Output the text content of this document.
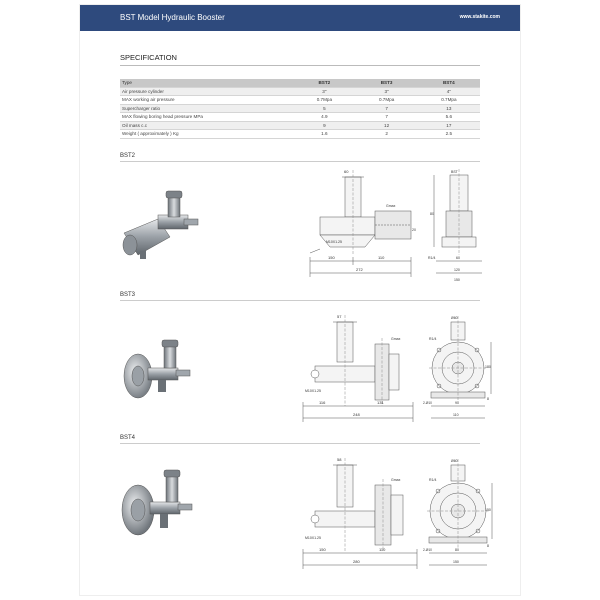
BST Model Hydraulic Booster	www.stakite.com
SPECIFICATION
Type	BST2	BST3	BST4
Air pressure cylinder	3"	3"	4"
MAX working air pressure	0.7Mpa	0.7Mpa	0.7Mpa
Supercharger ratio	5	7	13
MAX flowing boring head pressure MPa	4.9	7	5.6
Oil mass c.c	9	12	17
Weight ( approximately ) Kg	1.6	2	2.5
BST2
60
150	110
272
Gmax
M10X1.25
20
BST
80
R1/4	60
120
150
BST3
57
116	131
248
Gmax
M10X1.25
Ø60
180
2-Ø10	90
110
R1/4
8
BST4
58
150	110
280
Gmax
M10X1.25
Ø60
150
2-Ø10	80
150
R1/4
8
